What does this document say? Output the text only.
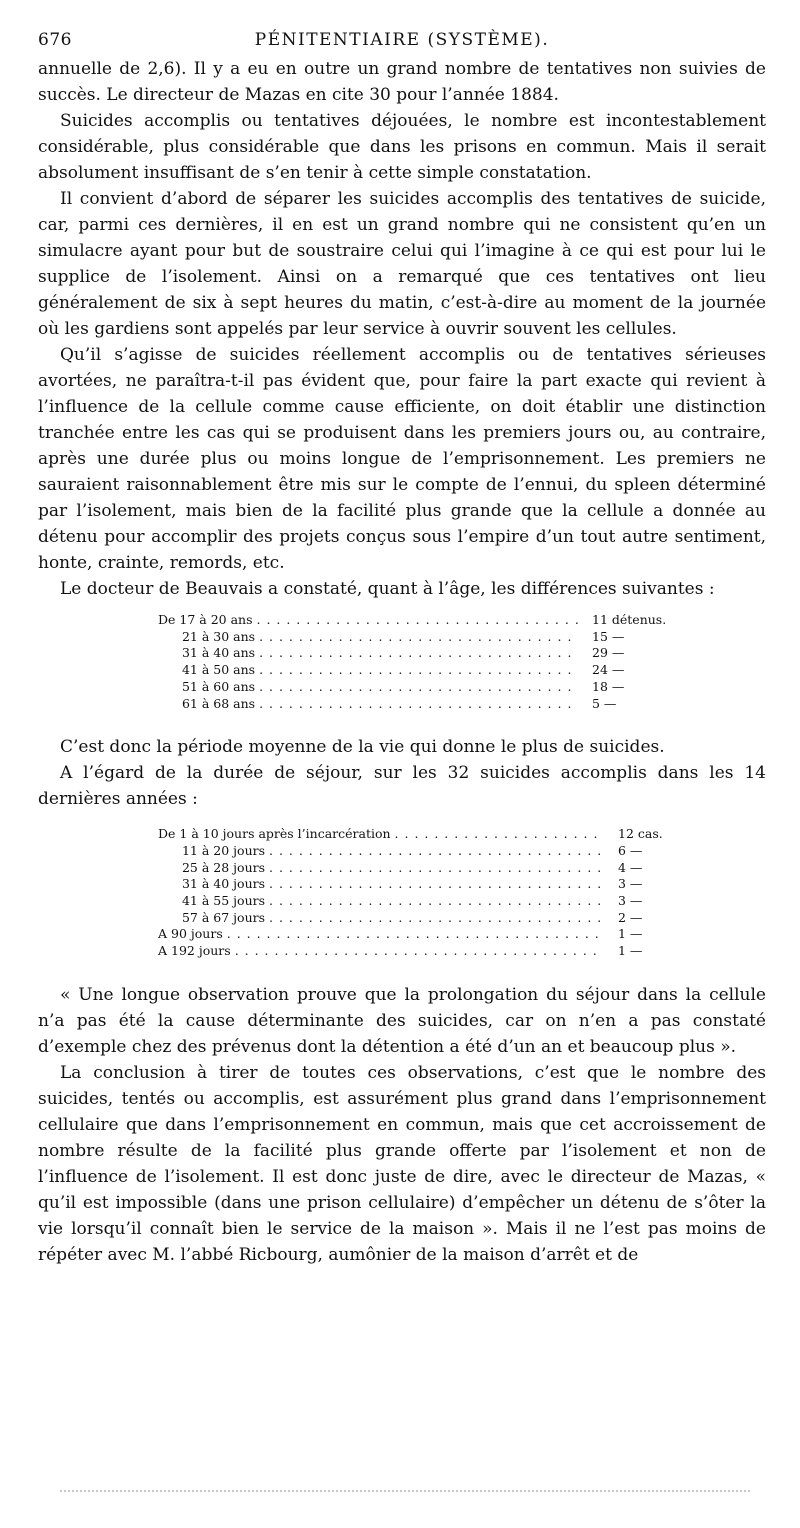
676	PÉNITENTIAIRE (SYSTÈME).

annuelle de 2,6). Il y a eu en outre un grand nombre de tentatives non suivies de succès. Le directeur de Mazas en cite 30 pour l’année 1884.

Suicides accomplis ou tentatives déjouées, le nombre est incontestablement considérable, plus considérable que dans les prisons en commun. Mais il serait absolument insuffisant de s’en tenir à cette simple constatation.

Il convient d’abord de séparer les suicides accomplis des tentatives de suicide, car, parmi ces dernières, il en est un grand nombre qui ne consistent qu’en un simulacre ayant pour but de soustraire celui qui l’imagine à ce qui est pour lui le supplice de l’isolement. Ainsi on a remarqué que ces tentatives ont lieu généralement de six à sept heures du matin, c’est-à-dire au moment de la journée où les gardiens sont appelés par leur service à ouvrir souvent les cellules.

Qu’il s’agisse de suicides réellement accomplis ou de tentatives sérieuses avortées, ne paraîtra-t-il pas évident que, pour faire la part exacte qui revient à l’influence de la cellule comme cause efficiente, on doit établir une distinction tranchée entre les cas qui se produisent dans les premiers jours ou, au contraire, après une durée plus ou moins longue de l’emprisonnement. Les premiers ne sauraient raisonnablement être mis sur le compte de l’ennui, du spleen déterminé par l’isolement, mais bien de la facilité plus grande que la cellule a donnée au détenu pour accomplir des projets conçus sous l’empire d’un tout autre sentiment, honte, crainte, remords, etc.

Le docteur de Beauvais a constaté, quant à l’âge, les différences suivantes :

De 17 à 20 ans . . .	11 détenus.
21 à 30 ans . . .	15 —
31 à 40 ans . . .	29 —
41 à 50 ans . . .	24 —
51 à 60 ans . . .	18 —
61 à 68 ans . . .	5 —

C’est donc la période moyenne de la vie qui donne le plus de suicides.

A l’égard de la durée de séjour, sur les 32 suicides accomplis dans les 14 dernières années :

De 1 à 10 jours après l’incarcération . . .	12 cas.
11 à 20 jours . . .	6 —
25 à 28 jours . . .	4 —
31 à 40 jours . . .	3 —
41 à 55 jours . . .	3 —
57 à 67 jours . . .	2 —
A 90 jours . . .	1 —
A 192 jours . . .	1 —

« Une longue observation prouve que la prolongation du séjour dans la cellule n’a pas été la cause déterminante des suicides, car on n’en a pas constaté d’exemple chez des prévenus dont la détention a été d’un an et beaucoup plus ».

La conclusion à tirer de toutes ces observations, c’est que le nombre des suicides, tentés ou accomplis, est assurément plus grand dans l’emprisonnement cellulaire que dans l’emprisonnement en commun, mais que cet accroissement de nombre résulte de la facilité plus grande offerte par l’isolement et non de l’influence de l’isolement. Il est donc juste de dire, avec le directeur de Mazas, « qu’il est impossible (dans une prison cellulaire) d’empêcher un détenu de s’ôter la vie lorsqu’il connaît bien le service de la maison ». Mais il ne l’est pas moins de répéter avec M. l’abbé Ricbourg, aumônier de la maison d’arrêt et de
